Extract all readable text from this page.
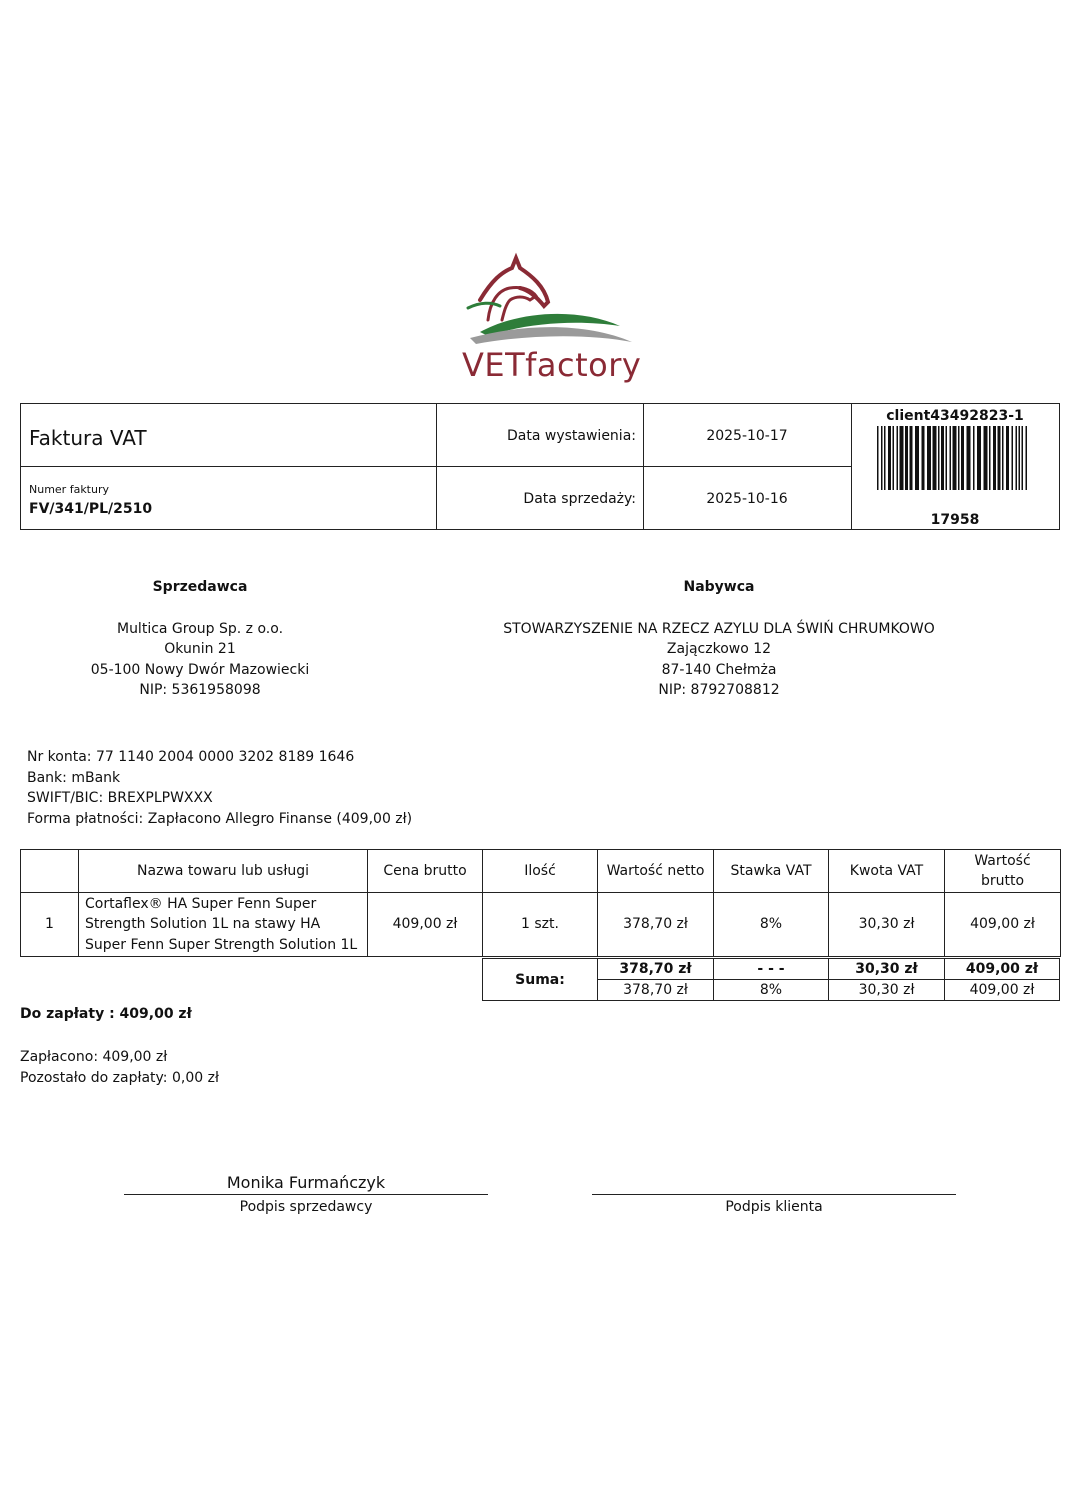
VETfactory
Faktura VAT	Data wystawienia:	2025-10-17
Numer faktury
FV/341/PL/2510
Data sprzedaży:	2025-10-16
client43492823-1
17958
Sprzedawca
Multica Group Sp. z o.o.
Okunin 21
05-100 Nowy Dwór Mazowiecki
NIP: 5361958098
Nabywca
STOWARZYSZENIE NA RZECZ AZYLU DLA ŚWIŃ CHRUMKOWO
Zajączkowo 12
87-140 Chełmża
NIP: 8792708812
Nr konta: 77 1140 2004 0000 3202 8189 1646
Bank: mBank
SWIFT/BIC: BREXPLPWXXX
Forma płatności: Zapłacono Allegro Finanse (409,00 zł)
	Nazwa towaru lub usługi	Cena brutto	Ilość	Wartość netto	Stawka VAT	Kwota VAT	Wartość brutto
1	Cortaflex® HA Super Fenn Super Strength Solution 1L na stawy HA Super Fenn Super Strength Solution 1L	409,00 zł	1 szt.	378,70 zł	8%	30,30 zł	409,00 zł
Suma:	378,70 zł	- - -	30,30 zł	409,00 zł
	378,70 zł	8%	30,30 zł	409,00 zł
Do zapłaty : 409,00 zł
Zapłacono: 409,00 zł
Pozostało do zapłaty: 0,00 zł
Monika Furmańczyk
Podpis sprzedawcy	Podpis klienta
